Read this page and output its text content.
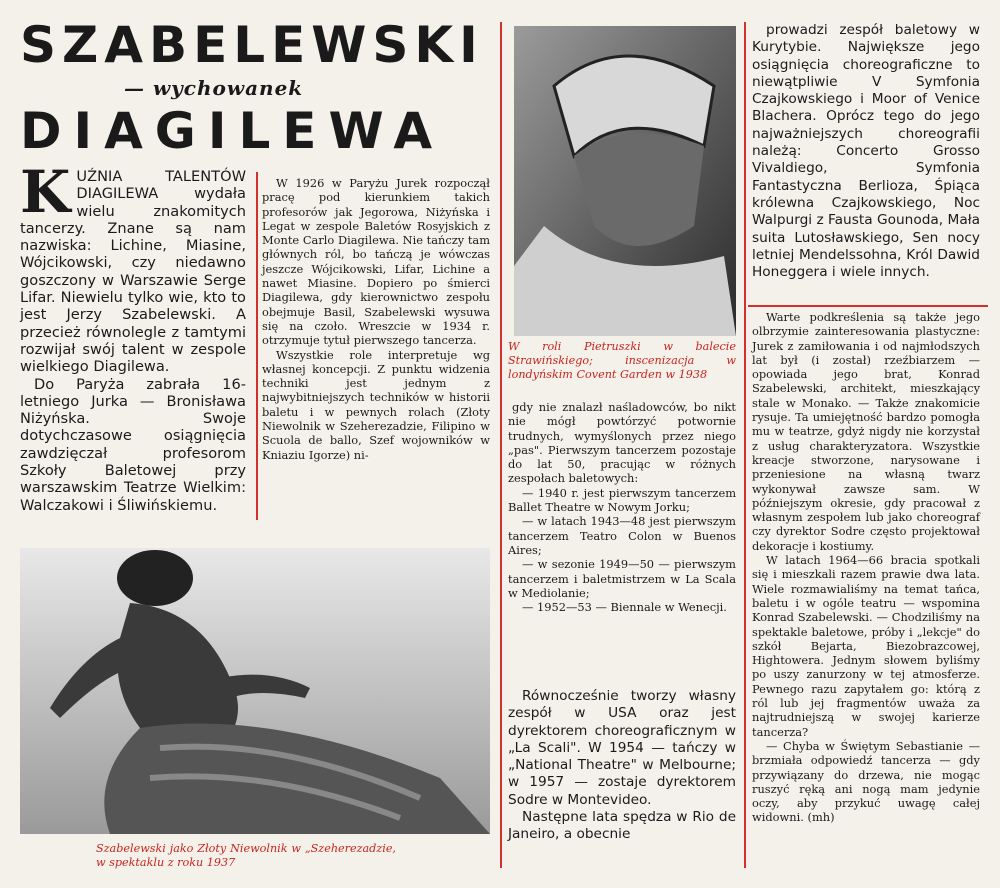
SZABELEWSKI
— wychowanek
DIAGILEWA
K UŹNIA TALENTÓW DIAGILEWA wydała wielu znakomitych tancerzy. Znane są nam nazwiska: Lichine, Miasine, Wójcikowski, czy niedawno goszczony w Warszawie Serge Lifar. Niewielu tylko wie, kto to jest Jerzy Szabelewski. A przecież równolegle z tamtymi rozwijał swój talent w zespole wielkiego Diagilewa.

Do Paryża zabrała 16-letniego Jurka — Bronisława Niżyńska. Swoje dotychczasowe osiągnięcia zawdzięczał profesorom Szkoły Baletowej przy warszawskim Teatrze Wielkim: Walczakowi i Śliwińskiemu.

W 1926 w Paryżu Jurek rozpoczął pracę pod kierunkiem takich profesorów jak Jegorowa, Niżyńska i Legat w zespole Baletów Rosyjskich z Monte Carlo Diagilewa. Nie tańczy tam głównych ról, bo tańczą je wówczas jeszcze Wójcikowski, Lifar, Lichine a nawet Miasine. Dopiero po śmierci Diagilewa, gdy kierownictwo zespołu obejmuje Basil, Szabelewski wysuwa się na czoło. Wreszcie w 1934 r. otrzymuje tytuł pierwszego tancerza.

Wszystkie role interpretuje wg własnej koncepcji. Z punktu widzenia techniki jest jednym z najwybitniejszych techników w historii baletu i w pewnych rolach (Złoty Niewolnik w Szeherezadzie, Filipino w Scuola de ballo, Szef wojowników w Kniaziu Igorze) ni-

W roli Pietruszki w balecie Strawińskiego; inscenizacja w londyńskim Covent Garden w 1938

gdy nie znalazł naśladowców, bo nikt nie mógł powtórzyć potwornie trudnych, wymyślonych przez niego „pas". Pierwszym tancerzem pozostaje do lat 50, pracując w różnych zespołach baletowych:

— 1940 r. jest pierwszym tancerzem Ballet Theatre w Nowym Jorku;

— w latach 1943—48 jest pierwszym tancerzem Teatro Colon w Buenos Aires;

— w sezonie 1949—50 — pierwszym tancerzem i baletmistrzem w La Scala w Mediolanie;

— 1952—53 — Biennale w Wenecji.

Równocześnie tworzy własny zespół w USA oraz jest dyrektorem choreograficznym w „La Scali". W 1954 — tańczy w „National Theatre" w Melbourne; w 1957 — zostaje dyrektorem Sodre w Montevideo.

Następne lata spędza w Rio de Janeiro, a obecnie

prowadzi zespół baletowy w Kurytybie. Największe jego osiągnięcia choreograficzne to niewątpliwie V Symfonia Czajkowskiego i Moor of Venice Blachera. Oprócz tego do jego najważniejszych choreografii należą: Concerto Grosso Vivaldiego, Symfonia Fantastyczna Berlioza, Śpiąca królewna Czajkowskiego, Noc Walpurgi z Fausta Gounoda, Mała suita Lutosławskiego, Sen nocy letniej Mendelssohna, Król Dawid Honeggera i wiele innych.

Warte podkreślenia są także jego olbrzymie zainteresowania plastyczne: Jurek z zamiłowania i od najmłodszych lat był (i został) rzeźbiarzem — opowiada jego brat, Konrad Szabelewski, architekt, mieszkający stale w Monako. — Także znakomicie rysuje. Ta umiejętność bardzo pomogła mu w teatrze, gdyż nigdy nie korzystał z usług charakteryzatora. Wszystkie kreacje stworzone, narysowane i przeniesione na własną twarz wykonywał zawsze sam. W późniejszym okresie, gdy pracował z własnym zespołem lub jako choreograf czy dyrektor Sodre często projektował dekoracje i kostiumy.

W latach 1964—66 bracia spotkali się i mieszkali razem prawie dwa lata. Wiele rozmawialiśmy na temat tańca, baletu i w ogóle teatru — wspomina Konrad Szabelewski. — Chodziliśmy na spektakle baletowe, próby i „lekcje" do szkół Bejarta, Biezobrazcowej, Hightowera. Jednym słowem byliśmy po uszy zanurzony w tej atmosferze. Pewnego razu zapytałem go: którą z ról lub jej fragmentów uważa za najtrudniejszą w swojej karierze tancerza?

— Chyba w Świętym Sebastianie — brzmiała odpowiedź tancerza — gdy przywiązany do drzewa, nie mogąc ruszyć ręką ani nogą mam jedynie oczy, aby przykuć uwagę całej widowni. (mh)

Szabelewski jako Złoty Niewolnik w „Szeherezadzie, w spektaklu z roku 1937
